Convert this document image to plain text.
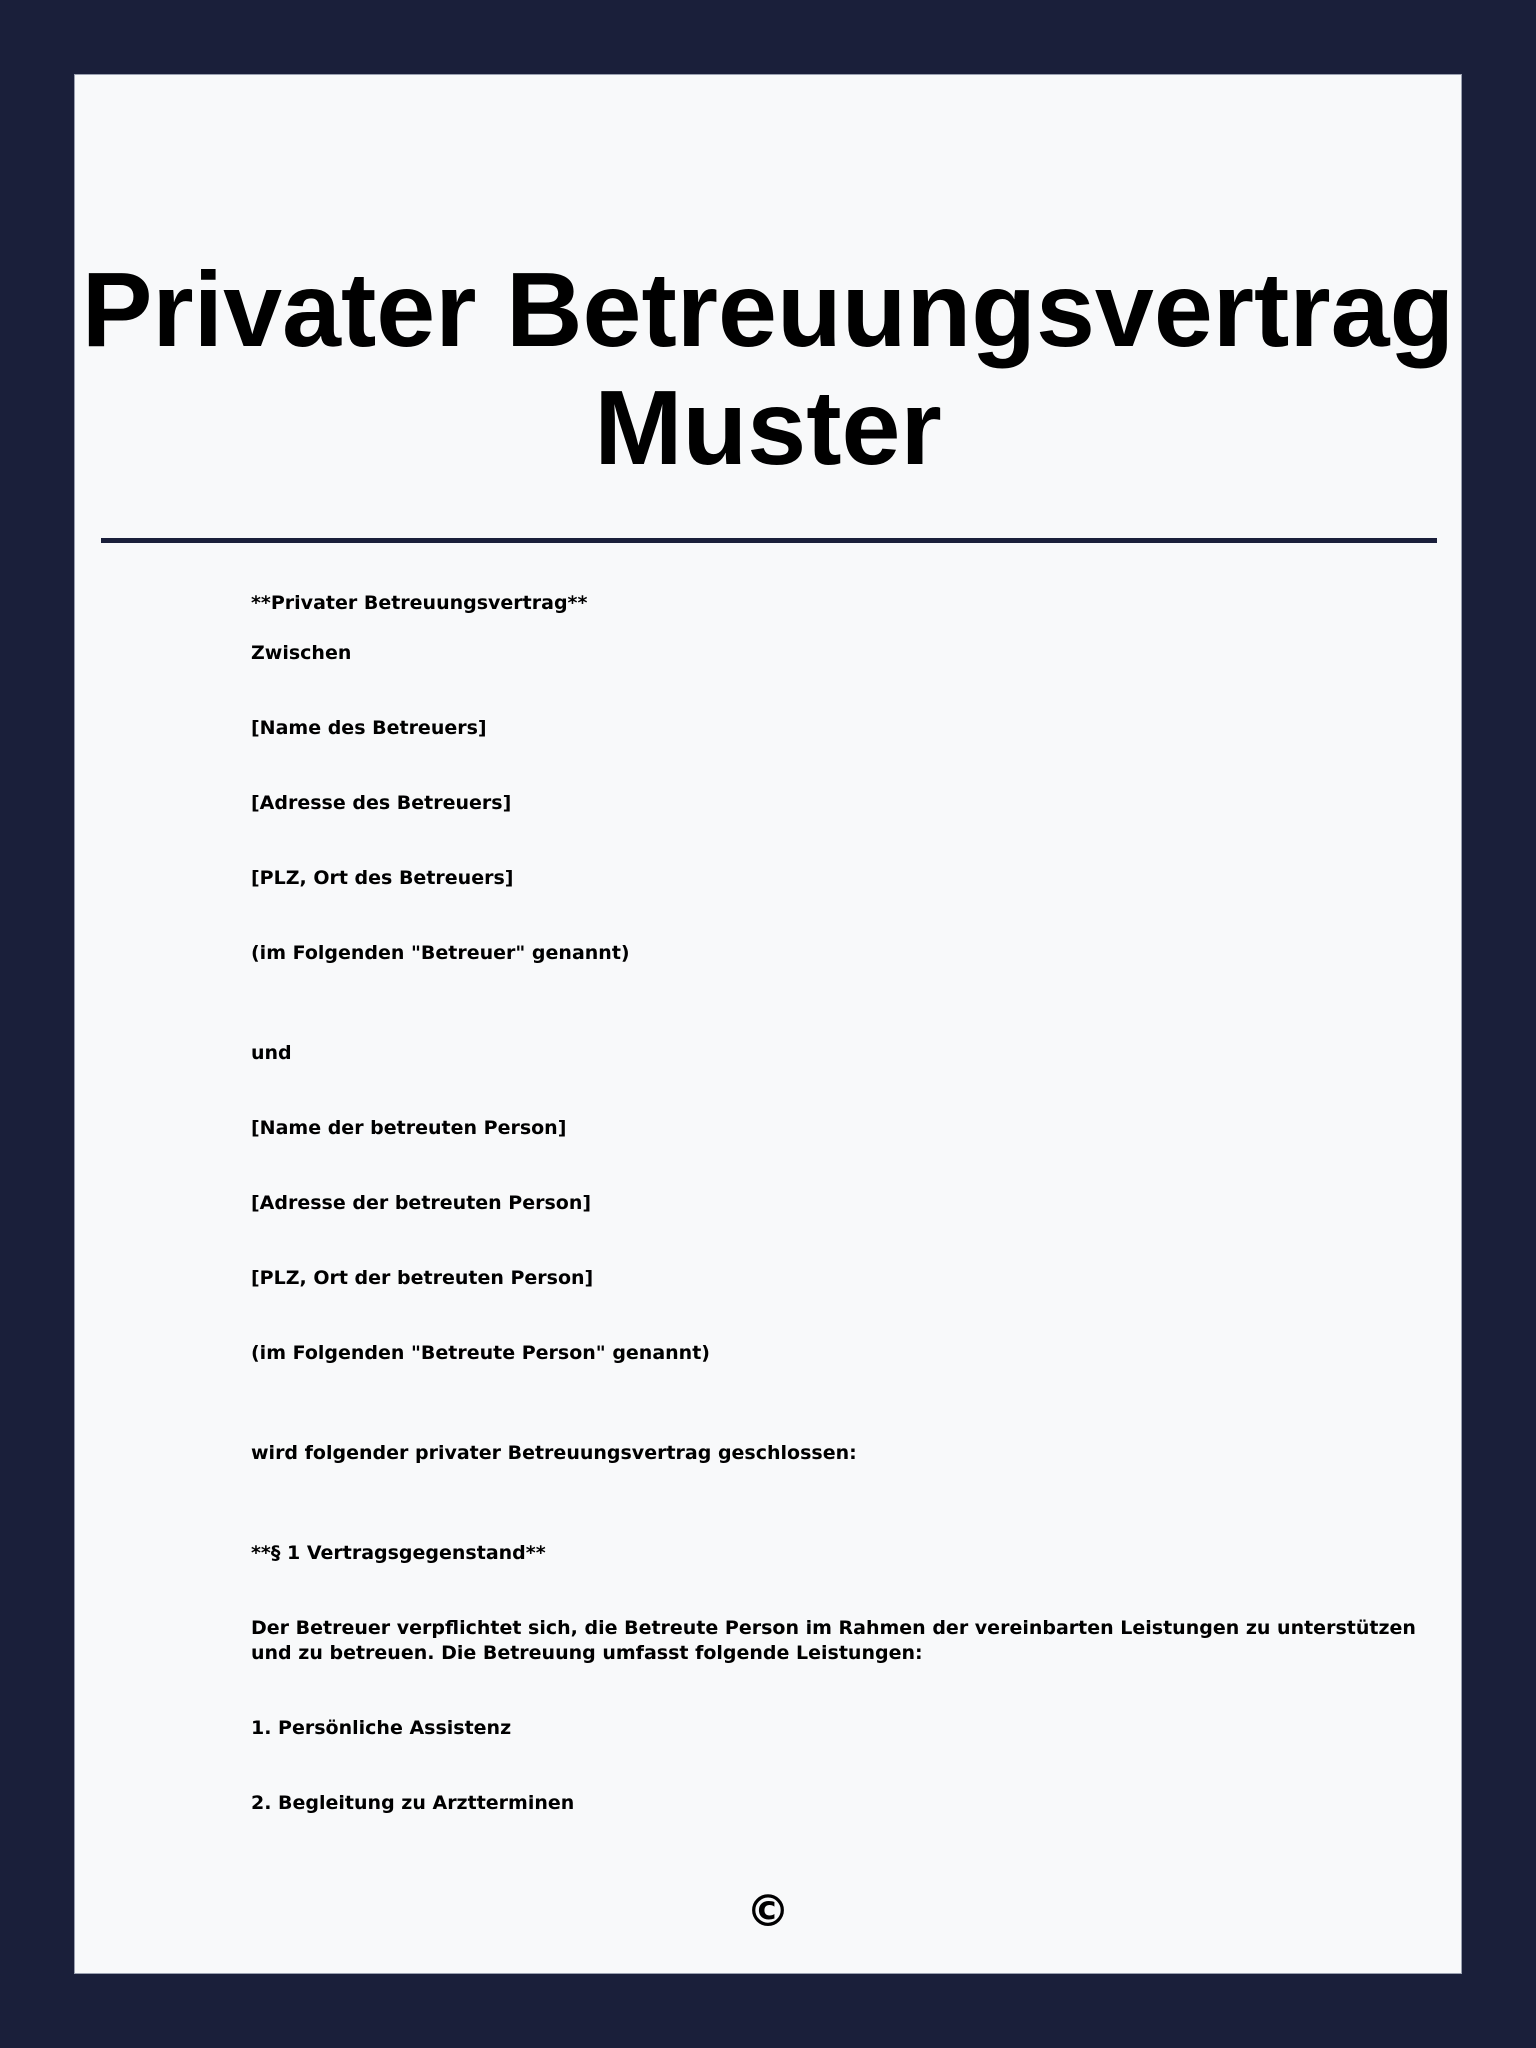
Privater Betreuungsvertrag Muster

**Privater Betreuungsvertrag**

Zwischen

[Name des Betreuers]

[Adresse des Betreuers]

[PLZ, Ort des Betreuers]

(im Folgenden "Betreuer" genannt)

und

[Name der betreuten Person]

[Adresse der betreuten Person]

[PLZ, Ort der betreuten Person]

(im Folgenden "Betreute Person" genannt)

wird folgender privater Betreuungsvertrag geschlossen:

**§ 1 Vertragsgegenstand**

Der Betreuer verpflichtet sich, die Betreute Person im Rahmen der vereinbarten Leistungen zu unterstützen

und zu betreuen. Die Betreuung umfasst folgende Leistungen:

1. Persönliche Assistenz

2. Begleitung zu Arztterminen

©
